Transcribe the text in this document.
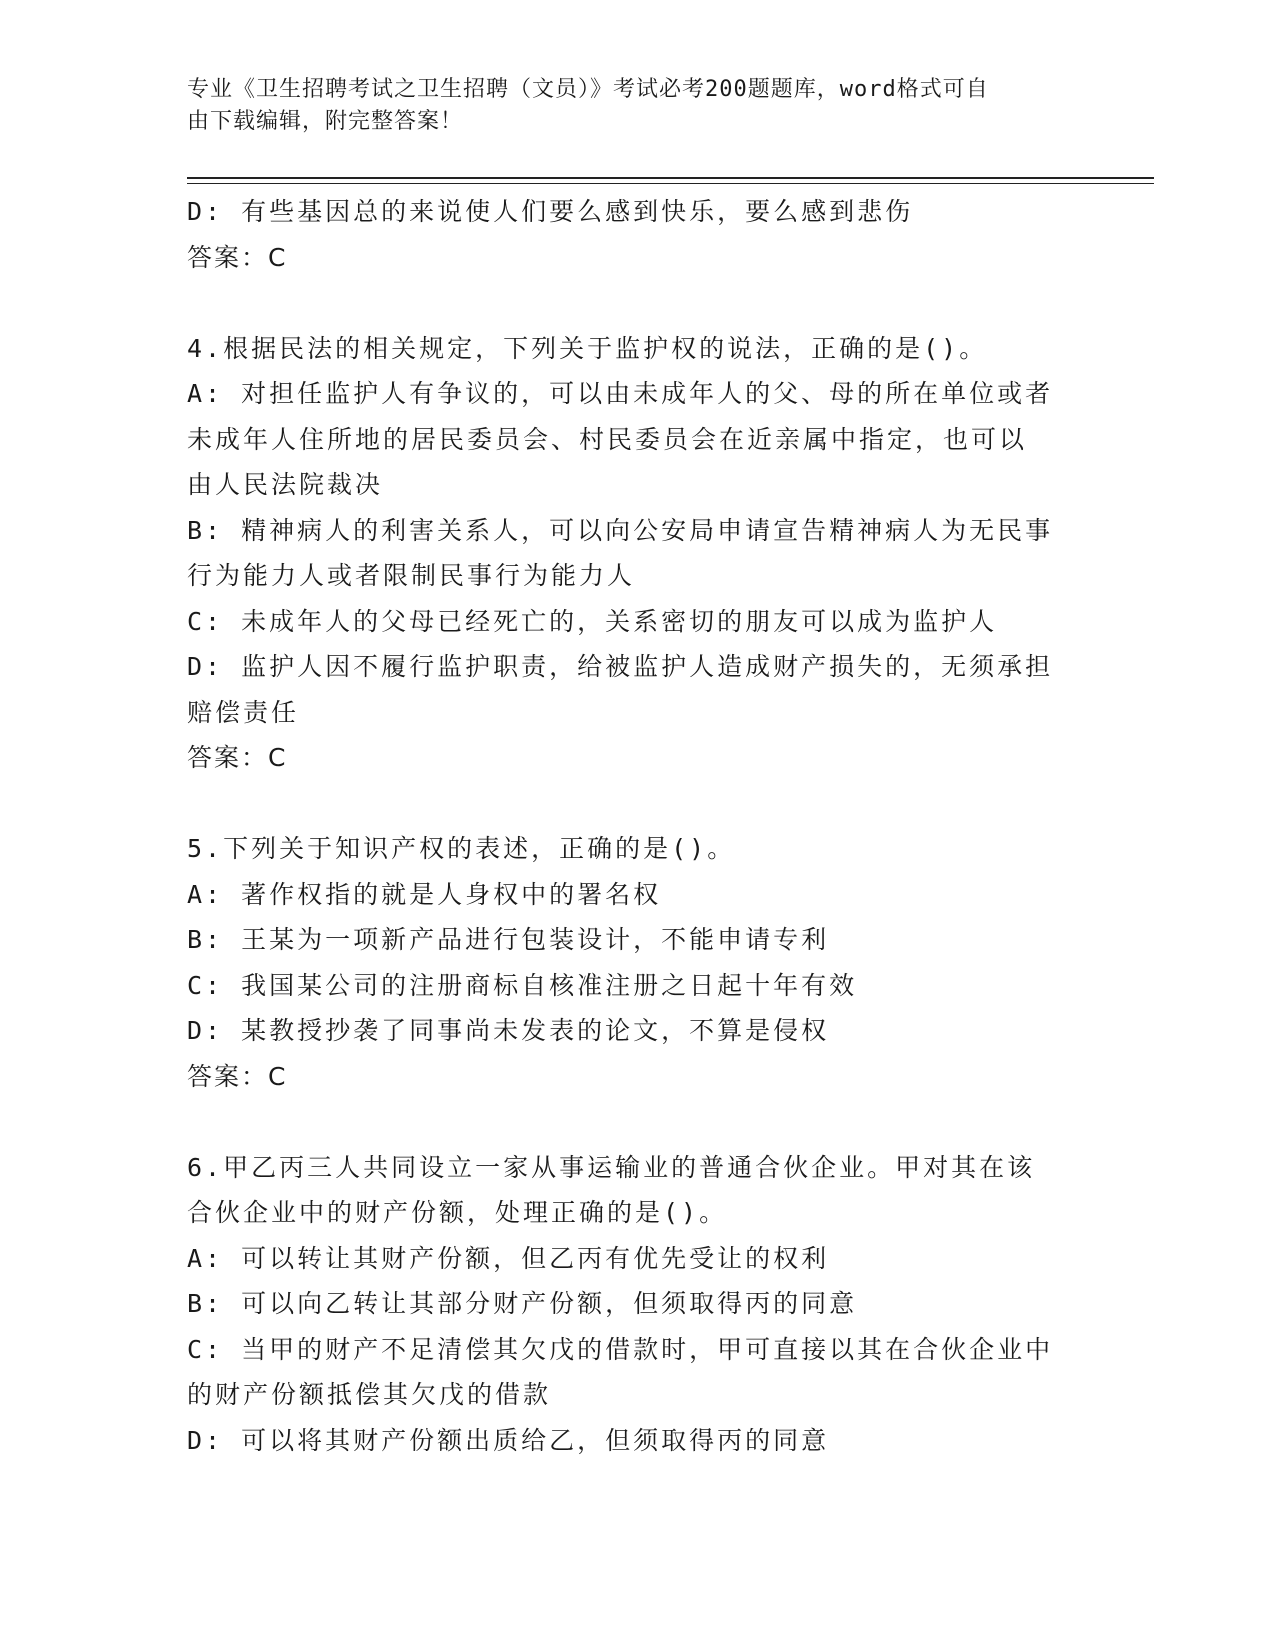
专业《卫生招聘考试之卫生招聘（文员）》考试必考200题题库，word格式可自
由下载编辑，附完整答案！
D: 有些基因总的来说使人们要么感到快乐，要么感到悲伤
答案：C
4.根据民法的相关规定，下列关于监护权的说法，正确的是()。
A: 对担任监护人有争议的，可以由未成年人的父、母的所在单位或者
未成年人住所地的居民委员会、村民委员会在近亲属中指定，也可以
由人民法院裁决
B: 精神病人的利害关系人，可以向公安局申请宣告精神病人为无民事
行为能力人或者限制民事行为能力人
C: 未成年人的父母已经死亡的，关系密切的朋友可以成为监护人
D: 监护人因不履行监护职责，给被监护人造成财产损失的，无须承担
赔偿责任
答案：C
5.下列关于知识产权的表述，正确的是()。
A: 著作权指的就是人身权中的署名权
B: 王某为一项新产品进行包装设计，不能申请专利
C: 我国某公司的注册商标自核准注册之日起十年有效
D: 某教授抄袭了同事尚未发表的论文，不算是侵权
答案：C
6.甲乙丙三人共同设立一家从事运输业的普通合伙企业。甲对其在该
合伙企业中的财产份额，处理正确的是()。
A: 可以转让其财产份额，但乙丙有优先受让的权利
B: 可以向乙转让其部分财产份额，但须取得丙的同意
C: 当甲的财产不足清偿其欠戊的借款时，甲可直接以其在合伙企业中
的财产份额抵偿其欠戊的借款
D: 可以将其财产份额出质给乙，但须取得丙的同意
